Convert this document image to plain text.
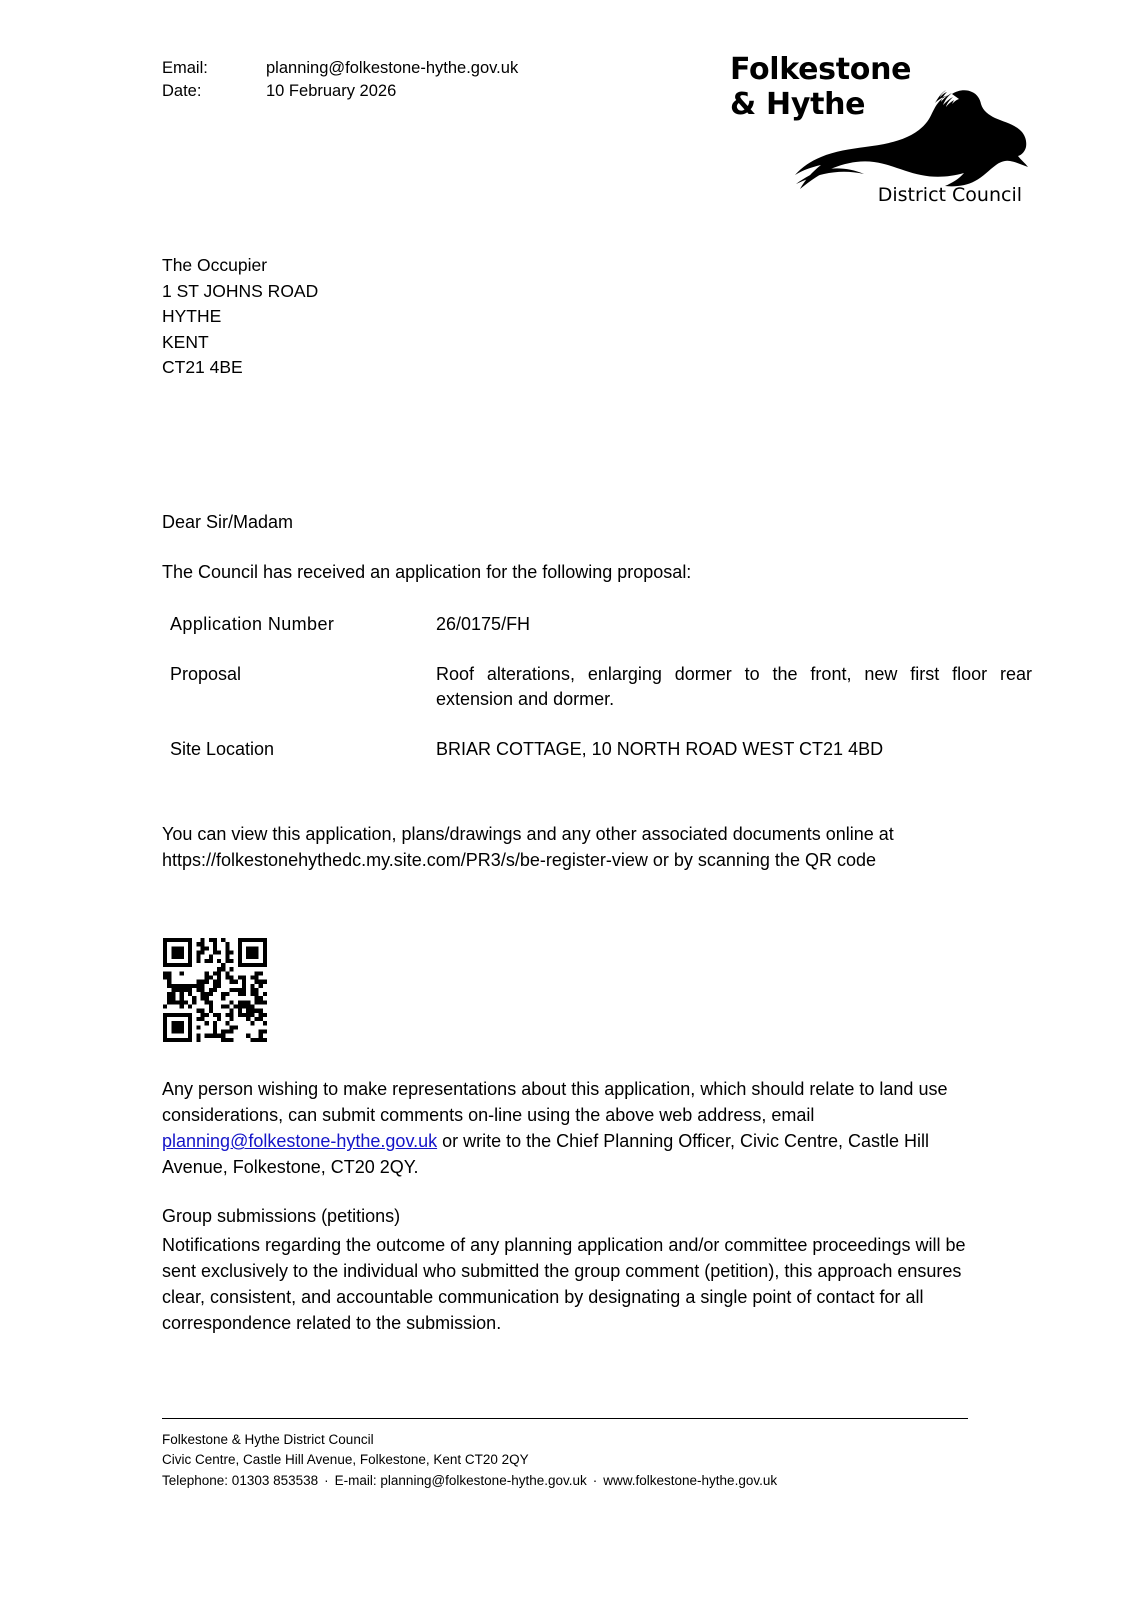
Email:	planning@folkestone-hythe.gov.uk
Date:	10 February 2026
Folkestone
& Hythe
District Council
The Occupier
1 ST JOHNS ROAD
HYTHE
KENT
CT21 4BE
Dear Sir/Madam
The Council has received an application for the following proposal:
Application Number	26/0175/FH
Proposal	Roof alterations, enlarging dormer to the front, new first floor rear extension and dormer.
Site Location	BRIAR COTTAGE, 10 NORTH ROAD WEST CT21 4BD
You can view this application, plans/drawings and any other associated documents online at https://folkestonehythedc.my.site.com/PR3/s/be-register-view or by scanning the QR code
Any person wishing to make representations about this application, which should relate to land use considerations, can submit comments on-line using the above web address, email planning@folkestone-hythe.gov.uk or write to the Chief Planning Officer, Civic Centre, Castle Hill Avenue, Folkestone, CT20 2QY.
Group submissions (petitions)
Notifications regarding the outcome of any planning application and/or committee proceedings will be sent exclusively to the individual who submitted the group comment (petition), this approach ensures clear, consistent, and accountable communication by designating a single point of contact for all correspondence related to the submission.
Folkestone & Hythe District Council
Civic Centre, Castle Hill Avenue, Folkestone, Kent CT20 2QY
Telephone: 01303 853538 · E-mail: planning@folkestone-hythe.gov.uk · www.folkestone-hythe.gov.uk
